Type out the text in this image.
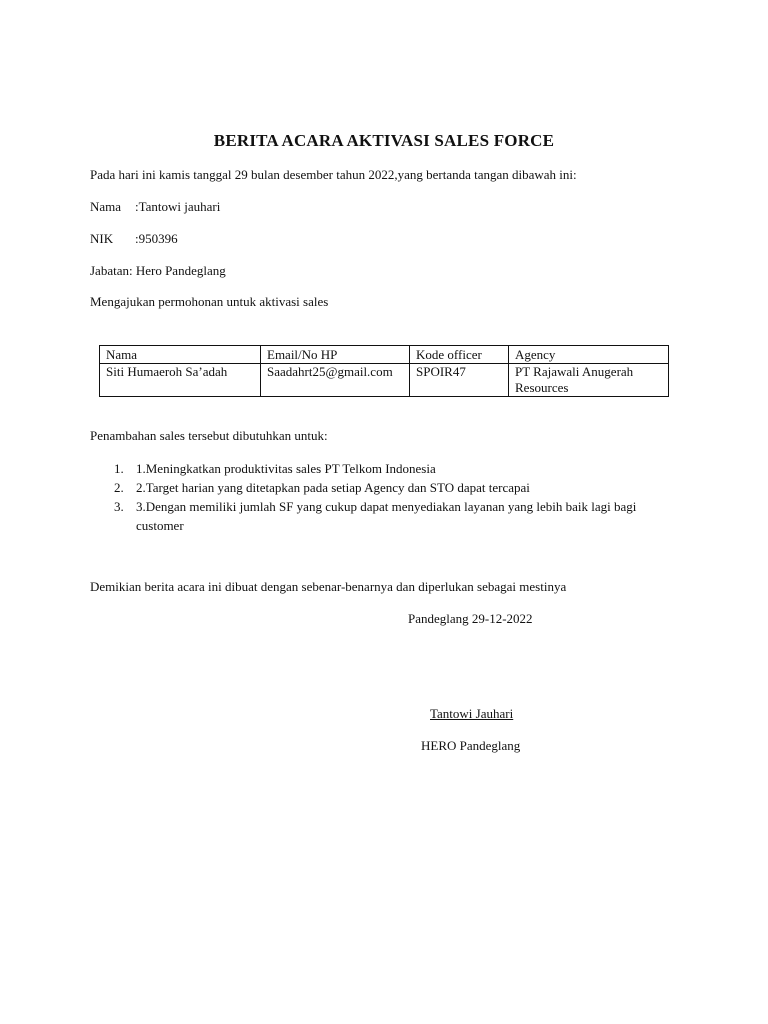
BERITA ACARA AKTIVASI SALES FORCE
Pada hari ini kamis tanggal 29 bulan desember tahun 2022,yang bertanda tangan dibawah ini:
Nama :Tantowi jauhari
NIK :950396
Jabatan: Hero Pandeglang
Mengajukan permohonan untuk aktivasi sales
Nama	Email/No HP	Kode officer	Agency
Siti Humaeroh Sa’adah	Saadahrt25@gmail.com	SPOIR47	PT Rajawali Anugerah Resources
Penambahan sales tersebut dibutuhkan untuk:
1. 1.Meningkatkan produktivitas sales PT Telkom Indonesia
2. 2.Target harian yang ditetapkan pada setiap Agency dan STO dapat tercapai
3. 3.Dengan memiliki jumlah SF yang cukup dapat menyediakan layanan yang lebih baik lagi bagi customer
Demikian berita acara ini dibuat dengan sebenar-benarnya dan diperlukan sebagai mestinya
Pandeglang 29-12-2022
Tantowi Jauhari
HERO Pandeglang
